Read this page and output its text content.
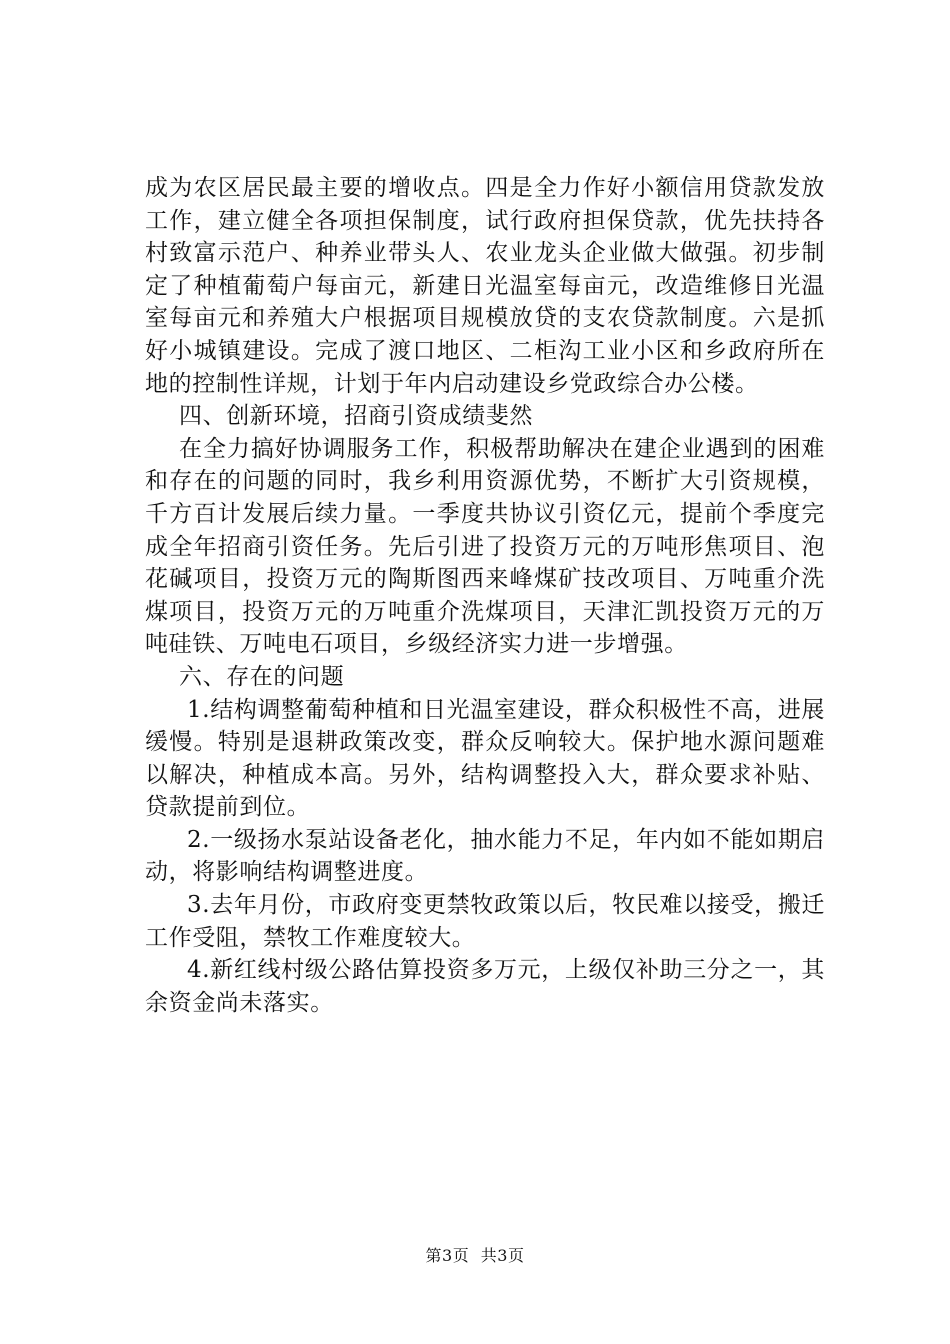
成为农区居民最主要的增收点。四是全力作好小额信用贷款发放工作，建立健全各项担保制度，试行政府担保贷款，优先扶持各村致富示范户、种养业带头人、农业龙头企业做大做强。初步制定了种植葡萄户每亩元，新建日光温室每亩元，改造维修日光温室每亩元和养殖大户根据项目规模放贷的支农贷款制度。六是抓好小城镇建设。完成了渡口地区、二柜沟工业小区和乡政府所在地的控制性详规，计划于年内启动建设乡党政综合办公楼。

四、创新环境，招商引资成绩斐然

在全力搞好协调服务工作，积极帮助解决在建企业遇到的困难和存在的问题的同时，我乡利用资源优势，不断扩大引资规模，千方百计发展后续力量。一季度共协议引资亿元，提前个季度完成全年招商引资任务。先后引进了投资万元的万吨形焦项目、泡花碱项目，投资万元的陶斯图西来峰煤矿技改项目、万吨重介洗煤项目，投资万元的万吨重介洗煤项目，天津汇凯投资万元的万吨硅铁、万吨电石项目，乡级经济实力进一步增强。

六、存在的问题

1.结构调整葡萄种植和日光温室建设，群众积极性不高，进展缓慢。特别是退耕政策改变，群众反响较大。保护地水源问题难以解决，种植成本高。另外，结构调整投入大，群众要求补贴、贷款提前到位。

2.一级扬水泵站设备老化，抽水能力不足，年内如不能如期启动，将影响结构调整进度。

3.去年月份，市政府变更禁牧政策以后，牧民难以接受，搬迁工作受阻，禁牧工作难度较大。

4.新红线村级公路估算投资多万元，上级仅补助三分之一，其余资金尚未落实。

第3页 共3页
